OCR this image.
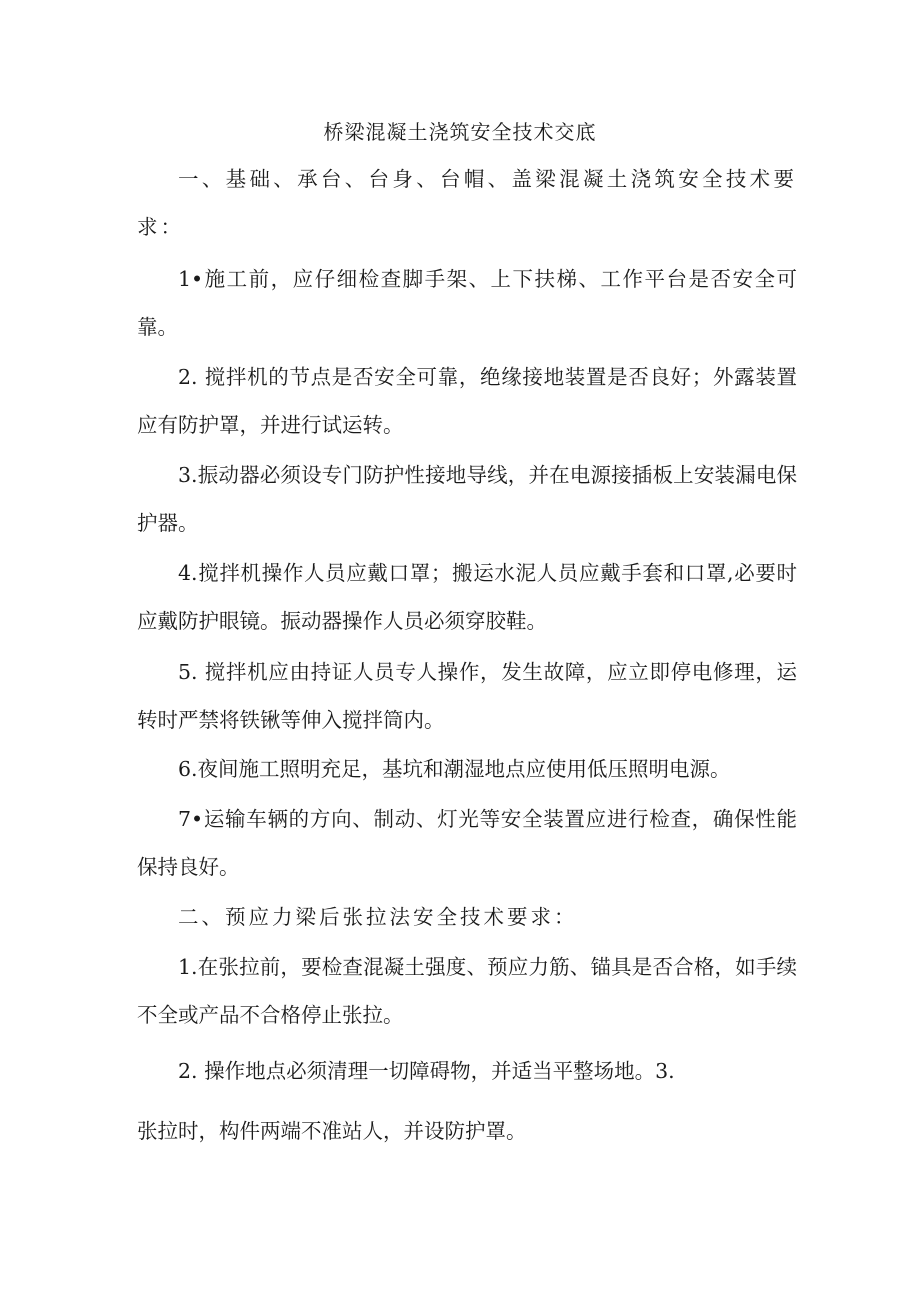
桥梁混凝土浇筑安全技术交底

一、基础、承台、台身、台帽、盖梁混凝土浇筑安全技术要求：

1•施工前，应仔细检查脚手架、上下扶梯、工作平台是否安全可靠。

2. 搅拌机的节点是否安全可靠，绝缘接地装置是否良好；外露装置应有防护罩，并进行试运转。

3.振动器必须设专门防护性接地导线，并在电源接插板上安装漏电保护器。

4.搅拌机操作人员应戴口罩；搬运水泥人员应戴手套和口罩,必要时应戴防护眼镜。振动器操作人员必须穿胶鞋。

5. 搅拌机应由持证人员专人操作，发生故障，应立即停电修理，运转时严禁将铁锹等伸入搅拌筒内。

6.夜间施工照明充足，基坑和潮湿地点应使用低压照明电源。

7•运输车辆的方向、制动、灯光等安全装置应进行检查，确保性能保持良好。

二、预应力梁后张拉法安全技术要求：

1.在张拉前，要检查混凝土强度、预应力筋、锚具是否合格，如手续不全或产品不合格停止张拉。

2. 操作地点必须清理一切障碍物，并适当平整场地。3.

张拉时，构件两端不准站人，并设防护罩。
